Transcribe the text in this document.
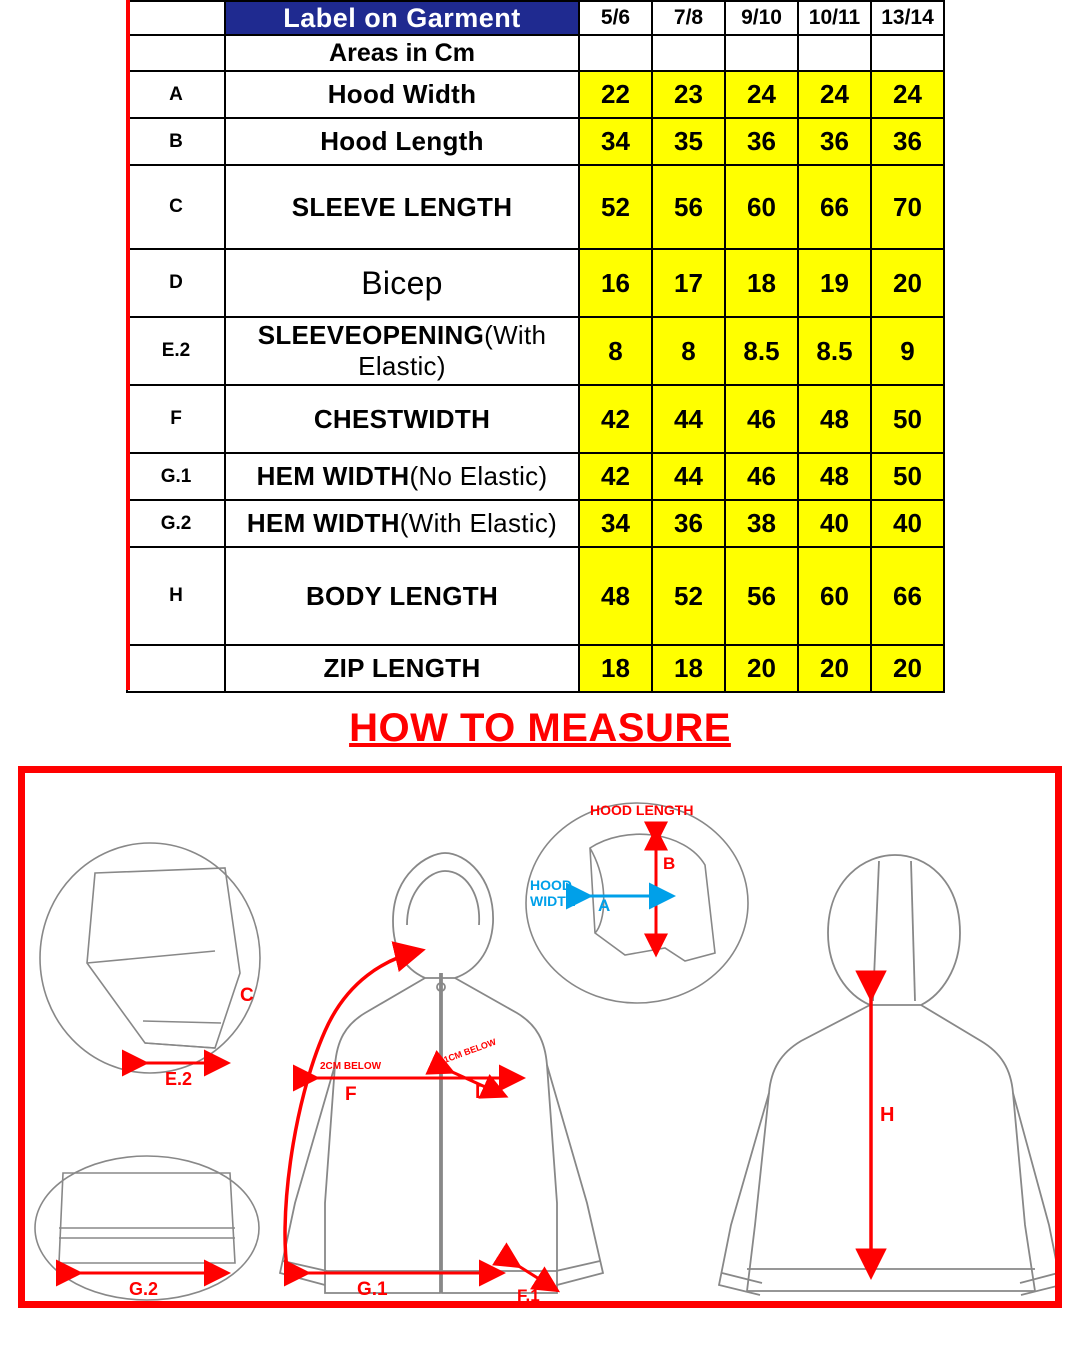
	Label on Garment	5/6	7/8	9/10	10/11	13/14
	Areas in Cm					
A	Hood Width	22	23	24	24	24
B	Hood Length	34	35	36	36	36
C	SLEEVE LENGTH	52	56	60	66	70
D	Bicep	16	17	18	19	20
E.2	SLEEVEOPENING(With Elastic)	8	8	8.5	8.5	9
F	CHESTWIDTH	42	44	46	48	50
G.1	HEM WIDTH(No Elastic)	42	44	46	48	50
G.2	HEM WIDTH(With Elastic)	34	36	38	40	40
H	BODY LENGTH	48	52	56	60	66
	ZIP LENGTH	18	18	20	20	20
HOW TO MEASURE
E.2
G.2
HOOD LENGTH
B
HOOD
WIDTH A
C
2CM BELOW
F
1CM BELOW
D
G.1	F.1
H
